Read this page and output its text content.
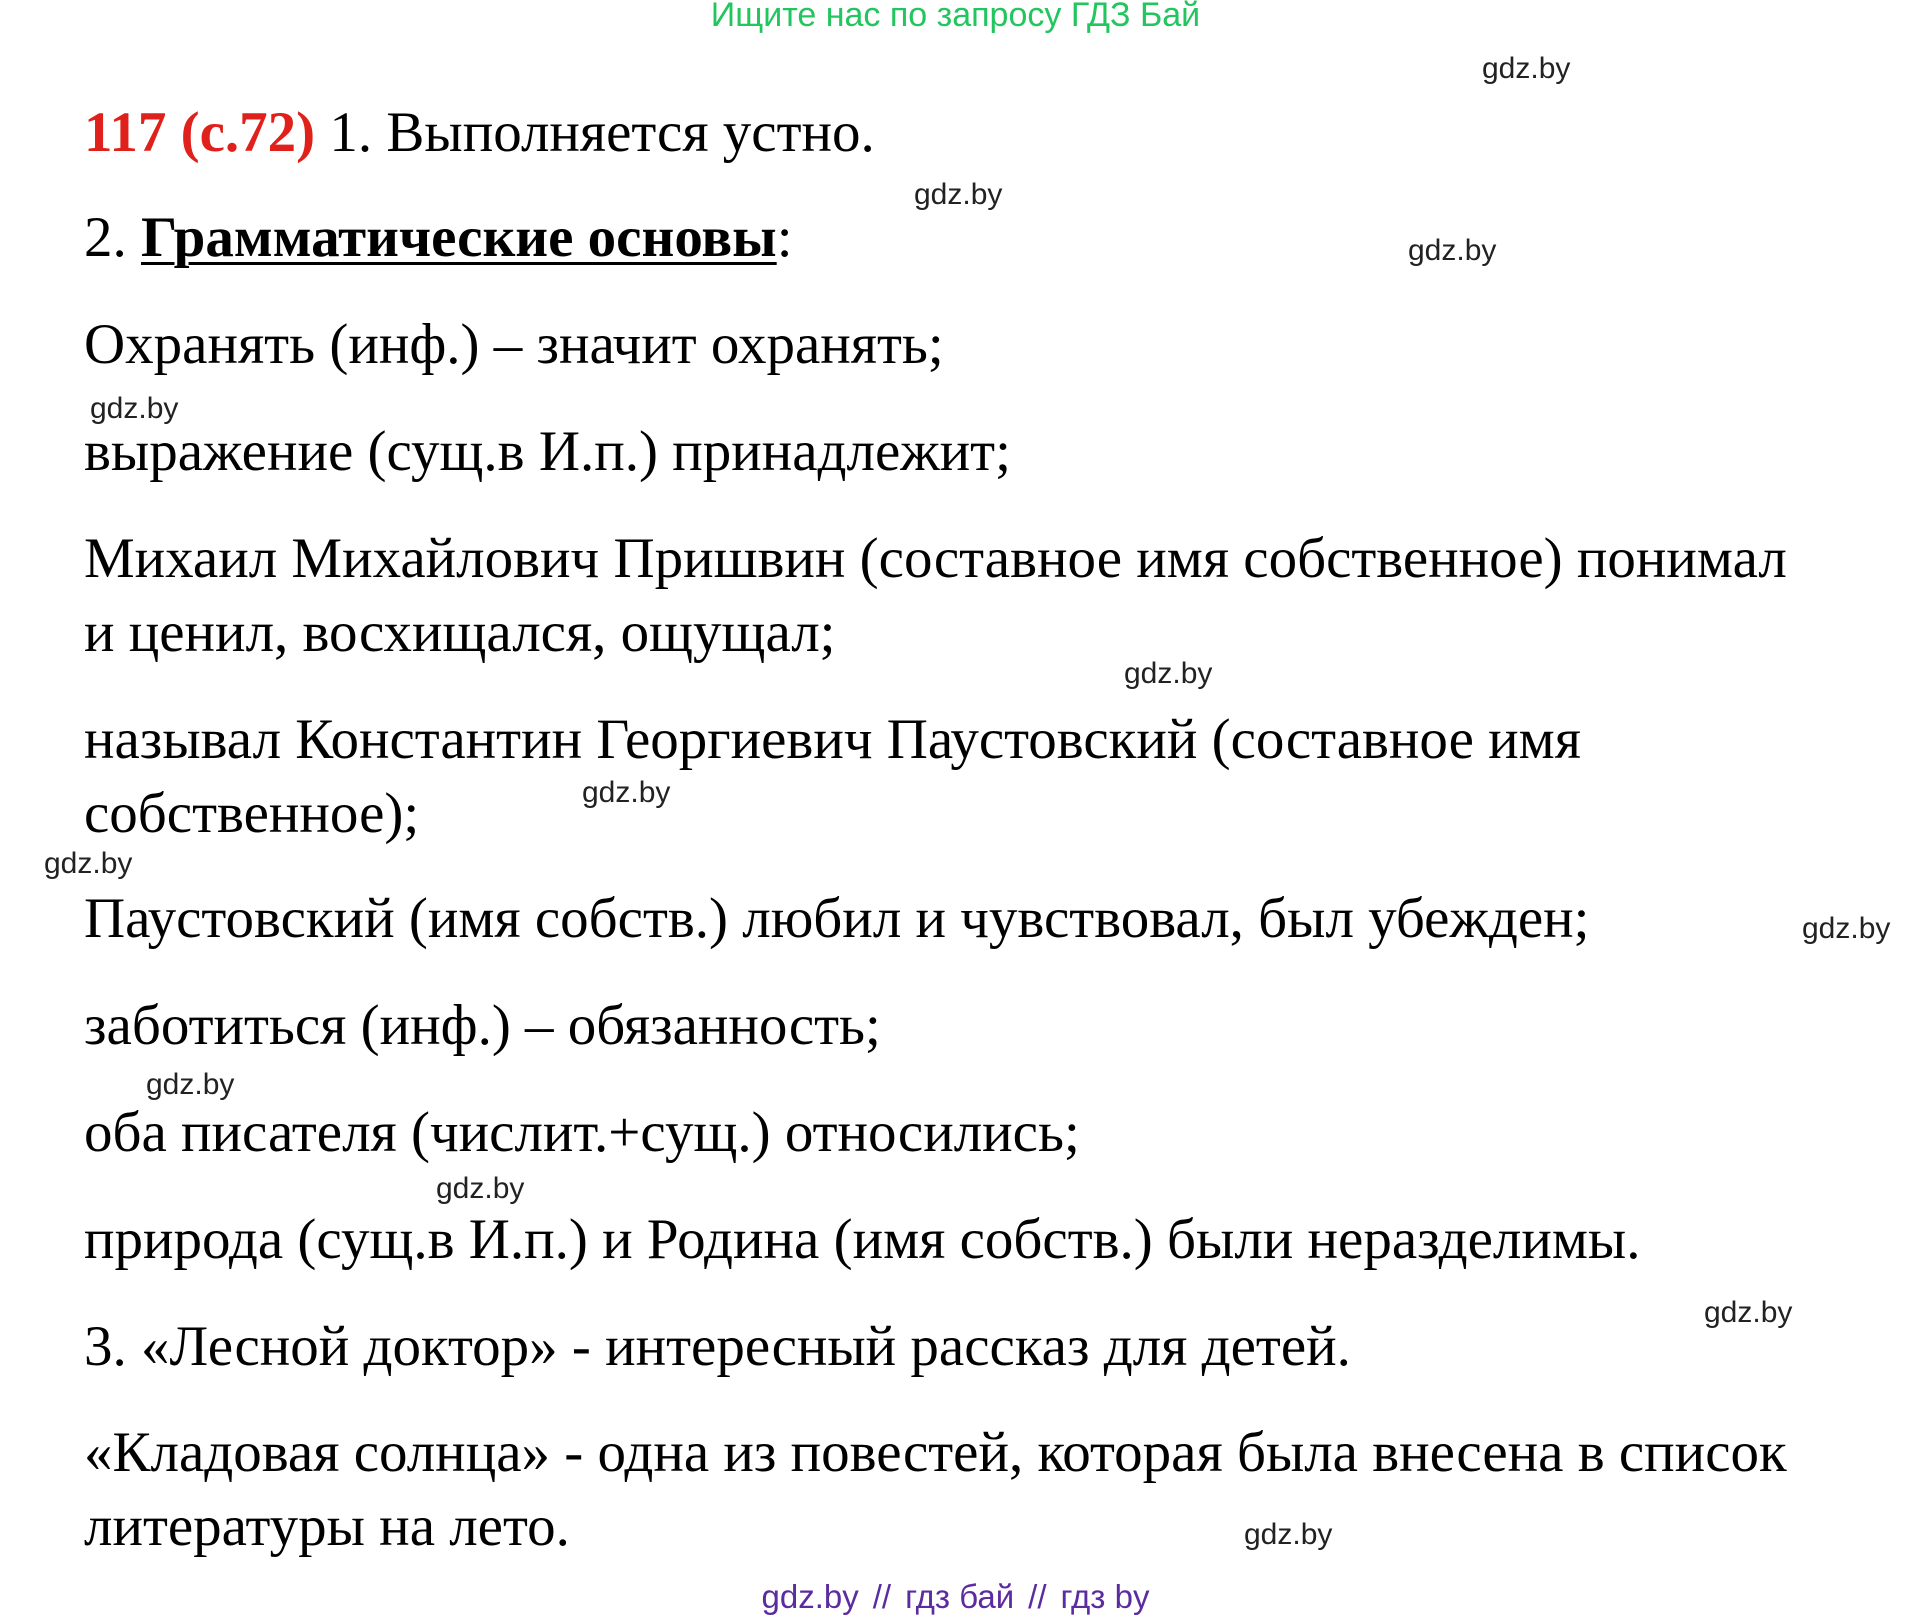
Ищите нас по запросу ГДЗ Бай
gdz.by
gdz.by
gdz.by
gdz.by
gdz.by
gdz.by
gdz.by
gdz.by
gdz.by
gdz.by
gdz.by
gdz.by
117 (с.72) 1. Выполняется устно.
2. Грамматические основы:
Охранять (инф.) – значит охранять;
выражение (сущ.в И.п.) принадлежит;
Михаил Михайлович Пришвин (составное имя собственное) понимал
и ценил, восхищался, ощущал;
называл Константин Георгиевич Паустовский (составное имя
собственное);
Паустовский (имя собств.) любил и чувствовал, был убежден;
заботиться (инф.) – обязанность;
оба писателя (числит.+сущ.) относились;
природа (сущ.в И.п.) и Родина (имя собств.) были неразделимы.
3. «Лесной доктор» - интересный рассказ для детей.
«Кладовая солнца» - одна из повестей, которая была внесена в список
литературы на лето.
gdz.by // гдз бай // гдз by
